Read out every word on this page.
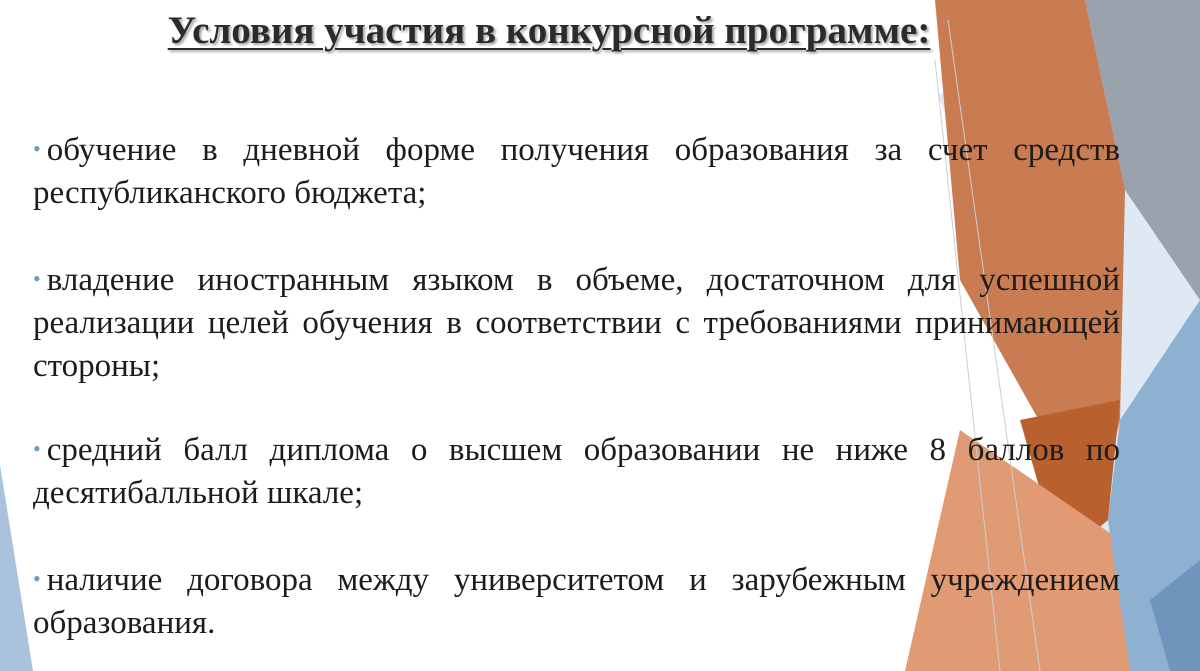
Условия участия в конкурсной программе:
• обучение в дневной форме получения образования за счет средств республиканского бюджета;
• владение иностранным языком в объеме, достаточном для успешной реализации целей обучения в соответствии с требованиями принимающей стороны;
• средний балл диплома о высшем образовании не ниже 8 баллов по десятибалльной шкале;
• наличие договора между университетом и зарубежным учреждением образования.
